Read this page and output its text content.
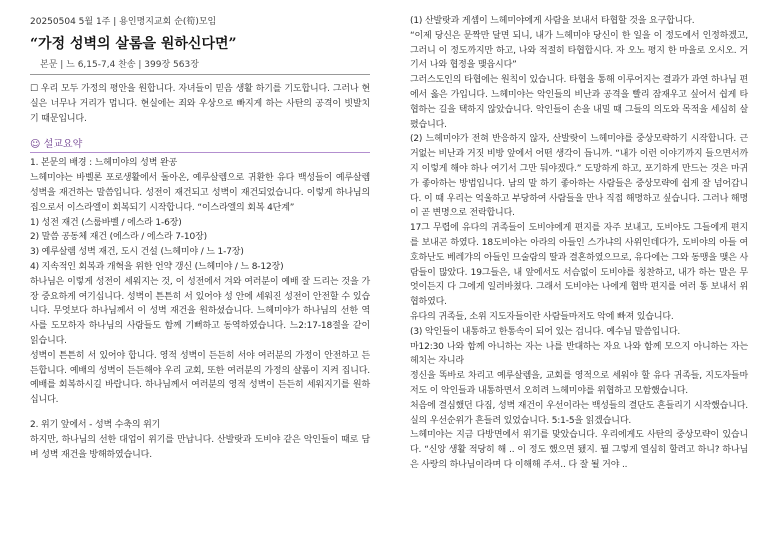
20250504 5월 1주 | 용인명지교회 순(筍)모임

“가정 성벽의 살롬을 원하신다면”

본문 | 느 6,15-7,4 찬송 | 399장 563장

☐ 우리 모두 가정의 평안을 원합니다. 자녀들이 믿음 생활 하기를 기도합니다. 그러나 현실은 너무나 거리가 멉니다. 현실에는 죄와 우상으로 빠지게 하는 사탄의 공격이 빗발치기 때문입니다.

☺ 설교요약

1. 본문의 배경 : 느헤미야의 성벽 완공

느헤미야는 바벨론 포로생활에서 돌아온, 예루살렘으로 귀환한 유다 백성들이 예루살렘 성벽을 재건하는 말씀입니다. 성전이 재건되고 성벽이 재건되었습니다. 이렇게 하나님의 집으로서 이스라엘이 회복되기 시작합니다. “이스라엘의 회복 4단계”

1) 성전 재건 (스룹바벨 / 에스라 1-6장)

2) 말씀 공동체 재건 (에스라 / 에스라 7-10장)

3) 예루살렘 성벽 재건, 도시 건설 (느헤미야 / 느 1-7장)

4) 지속적인 회복과 개혁을 위한 언약 갱신 (느헤미야 / 느 8-12장)

하나님은 이렇게 성전이 세워지는 것, 이 성전에서 겨와 여러분이 예배 잘 드리는 것을 가장 중요하게 여기십니다. 성벽이 튼튼히 서 있어야 성 안에 세워진 성전이 안전할 수 있습니다. 무엇보다 하나님께서 이 성벽 재건을 원하셨습니다. 느헤미야가 하나님의 선한 역사를 도모하자 하나님의 사람들도 함께 기뻐하고 동역하였습니다. 느2:17-18절을 같이 읽습니다.

성벽이 튼튼히 서 있어야 합니다. 영적 성벽이 든든히 서야 여러분의 가정이 안전하고 든든합니다. 예배의 성벽이 든든해야 우리 교회, 또한 여러분의 가정의 샬롬이 지켜 집니다. 예배를 회복하시길 바랍니다. 하나님께서 여러분의 영적 성벽이 든든히 세워지기를 원하십니다.

2. 위기 앞에서 - 성벽 수축의 위기

하지만, 하나님의 선한 대업이 위기를 만납니다. 산발랏과 도비야 같은 악인들이 때로 담벼 성벽 재건을 방해하였습니다.

(1) 산발랏과 게셈이 느헤미야에게 사람을 보내서 타협할 것을 요구합니다.

“이제 당신은 문짝만 달면 되니, 내가 느헤미야 당신이 한 일을 이 정도에서 인정하겠고, 그러니 이 정도까지만 하고, 나와 적절히 타협합시다. 자 오노 평지 한 마을로 오시오. 거기서 나와 협정을 맺읍시다”

그러스도인의 타협에는 원칙이 있습니다. 타협을 통해 이루어지는 결과가 과연 하나님 편에서 옳은 가입니다. 느헤미야는 악인들의 비난과 공격을 빨리 잠재우고 싶어서 쉽게 타협하는 길을 택하지 않았습니다. 악인들이 손을 내밀 때 그들의 의도와 목적을 세심히 살폈습니다.

(2) 느헤미야가 전혀 반응하지 않자, 산발랏이 느헤미야를 중상모략하기 시작합니다. 근거없는 비난과 거짓 비방 앞에서 어떤 생각이 듭니까. “내가 이런 이야기까지 들으면서까지 이렇게 해야 하나 여기서 그만 둬야겠다.” 도망하게 하고, 포기하게 만드는 것은 마귀가 좋아하는 방법입니다. 남의 말 하기 좋아하는 사람들은 중상모략에 쉽게 잘 넘어갑니다. 이 때 우리는 억울하고 부당하여 사람들을 만나 직접 해명하고 싶습니다. 그러나 해명이 곧 변명으로 전락합니다.

17그 무렵에 유다의 귀족들이 도비야에게 편지를 자주 보내고, 도비야도 그들에게 편지를 보내곤 하였다. 18도비야는 아라의 아들인 스가냐의 사위인데다가, 도비야의 아들 여호하난도 베레갸의 아들인 므술람의 딸과 결혼하였으므로, 유다에는 그와 동맹을 맺은 사람들이 많았다. 19그들은, 내 앞에서도 서슴없이 도비야를 칭찬하고, 내가 하는 말은 무엇이든지 다 그에게 일러바쳤다. 그래서 도비야는 나에게 협박 편지를 여러 통 보내서 위협하였다.

유다의 귀족들, 소위 지도자들이란 사람들마저도 악에 빠져 있습니다.

(3) 악인들이 내통하고 한통속이 되어 있는 겁니다. 예수님 말씀입니다.

마12:30 나와 함께 아니하는 자는 나를 반대하는 자요 나와 함께 모으지 아니하는 자는 헤치는 자니라

정신을 똑바로 차리고 예루살렘을, 교회를 영적으로 세워야 할 유다 귀족들, 지도자들마저도 이 악인들과 내통하면서 오히려 느헤미야를 위협하고 모함했습니다.

처음에 결심했던 다짐, 성벽 재건이 우선이라는 백성들의 결단도 흔들리기 시작했습니다. 실의 우선순위가 흔들려 있었습니다. 5:1-5을 읽겠습니다.

느헤미야는 지금 다방면에서 위기를 맞았습니다. 우리에게도 사탄의 중상모략이 있습니다. “신앙 생활 적당히 해 .. 이 정도 했으면 됐지. 뭘 그렇게 열심히 할려고 하니? 하나님은 사랑의 하나님이라며 다 이해해 주셔.. 다 잘 될 거야 ..
